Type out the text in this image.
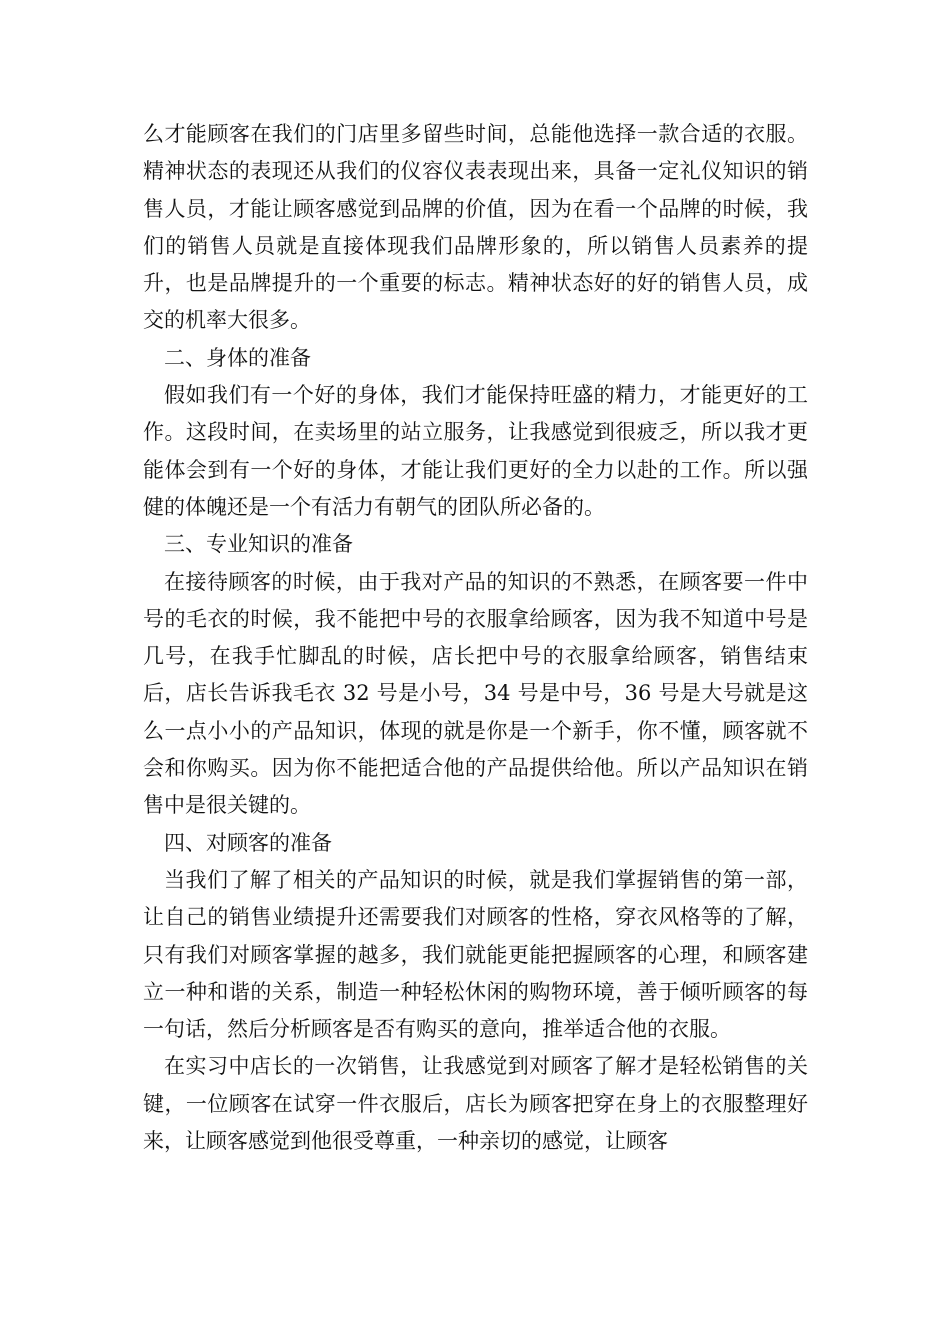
么才能顾客在我们的门店里多留些时间，总能他选择一款合适的衣服。精神状态的表现还从我们的仪容仪表表现出来，具备一定礼仪知识的销售人员，才能让顾客感觉到品牌的价值，因为在看一个品牌的时候，我们的销售人员就是直接体现我们品牌形象的，所以销售人员素养的提升，也是品牌提升的一个重要的标志。精神状态好的好的销售人员，成交的机率大很多。

二、身体的准备

假如我们有一个好的身体，我们才能保持旺盛的精力，才能更好的工作。这段时间，在卖场里的站立服务，让我感觉到很疲乏，所以我才更能体会到有一个好的身体，才能让我们更好的全力以赴的工作。所以强健的体魄还是一个有活力有朝气的团队所必备的。

三、专业知识的准备

在接待顾客的时候，由于我对产品的知识的不熟悉，在顾客要一件中号的毛衣的时候，我不能把中号的衣服拿给顾客，因为我不知道中号是几号，在我手忙脚乱的时候，店长把中号的衣服拿给顾客，销售结束后，店长告诉我毛衣 32 号是小号，34 号是中号，36 号是大号就是这么一点小小的产品知识，体现的就是你是一个新手，你不懂，顾客就不会和你购买。因为你不能把适合他的产品提供给他。所以产品知识在销售中是很关键的。

四、对顾客的准备

当我们了解了相关的产品知识的时候，就是我们掌握销售的第一部，让自己的销售业绩提升还需要我们对顾客的性格，穿衣风格等的了解，只有我们对顾客掌握的越多，我们就能更能把握顾客的心理，和顾客建立一种和谐的关系，制造一种轻松休闲的购物环境，善于倾听顾客的每一句话，然后分析顾客是否有购买的意向，推举适合他的衣服。

在实习中店长的一次销售，让我感觉到对顾客了解才是轻松销售的关键，一位顾客在试穿一件衣服后，店长为顾客把穿在身上的衣服整理好来，让顾客感觉到他很受尊重，一种亲切的感觉，让顾客
